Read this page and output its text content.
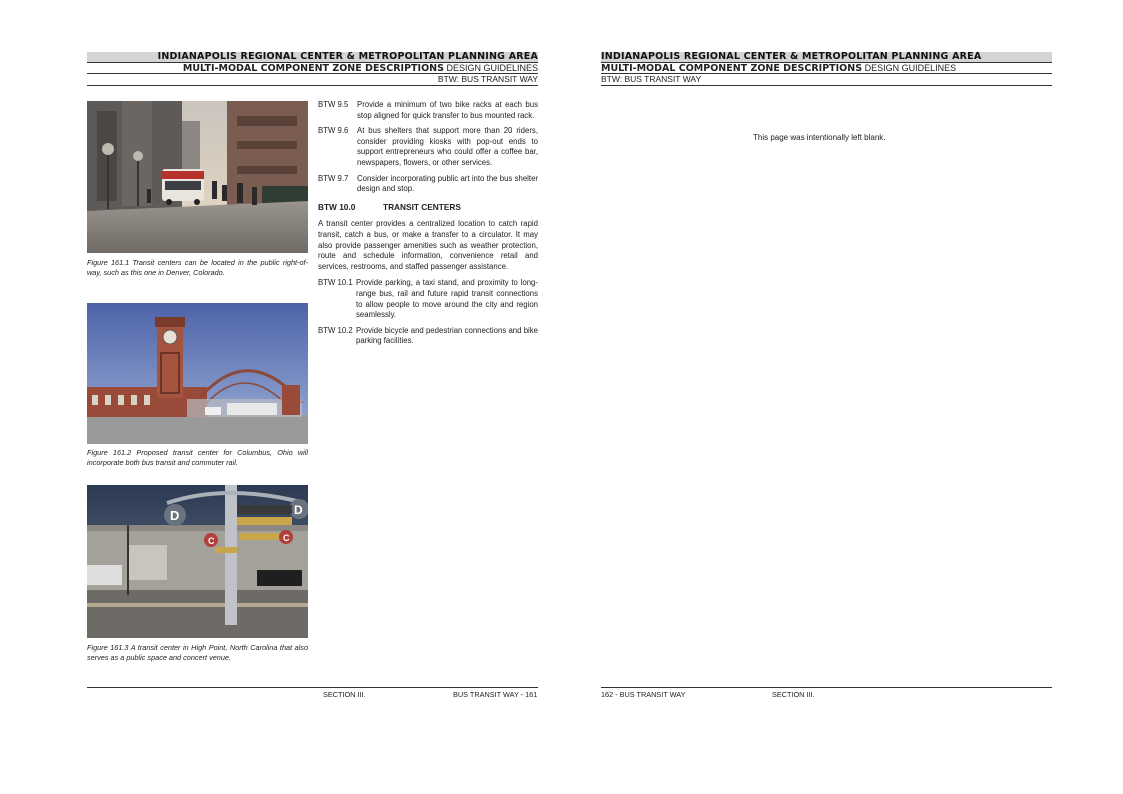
INDIANAPOLIS REGIONAL CENTER & METROPOLITAN PLANNING AREA
MULTI-MODAL COMPONENT ZONE DESCRIPTIONS DESIGN GUIDELINES
BTW: BUS TRANSIT WAY
Figure 161.1 Transit centers can be located in the public right-of-way, such as this one in Denver, Colorado.
Figure 161.2 Proposed transit center for Columbus, Ohio will incorporate both bus transit and commuter rail.
D	D
C	C
Figure 161.3 A transit center in High Point, North Carolina that also serves as a public space and concert venue.
BTW 9.5	Provide a minimum of two bike racks at each bus stop aligned for quick transfer to bus mounted rack.
BTW 9.6	At bus shelters that support more than 20 riders, consider providing kiosks with pop-out ends to support entrepreneurs who could offer a coffee bar, newspapers, flowers, or other services.
BTW 9.7	Consider incorporating public art into the bus shelter design and stop.
BTW 10.0	TRANSIT CENTERS
A transit center provides a centralized location to catch rapid transit, catch a bus, or make a transfer to a circulator. It may also provide passenger amenities such as weather protection, route and schedule information, convenience retail and services, restrooms, and staffed passenger assistance.
BTW 10.1 Provide parking, a taxi stand, and proximity to long-range bus, rail and future rapid transit connections to allow people to move around the city and region seamlessly.
BTW 10.2 Provide bicycle and pedestrian connections and bike parking facilities.
SECTION III.	BUS TRANSIT WAY - 161
INDIANAPOLIS REGIONAL CENTER & METROPOLITAN PLANNING AREA
MULTI-MODAL COMPONENT ZONE DESCRIPTIONS DESIGN GUIDELINES
BTW: BUS TRANSIT WAY
This page was intentionally left blank.
162 - BUS TRANSIT WAY	SECTION III.
